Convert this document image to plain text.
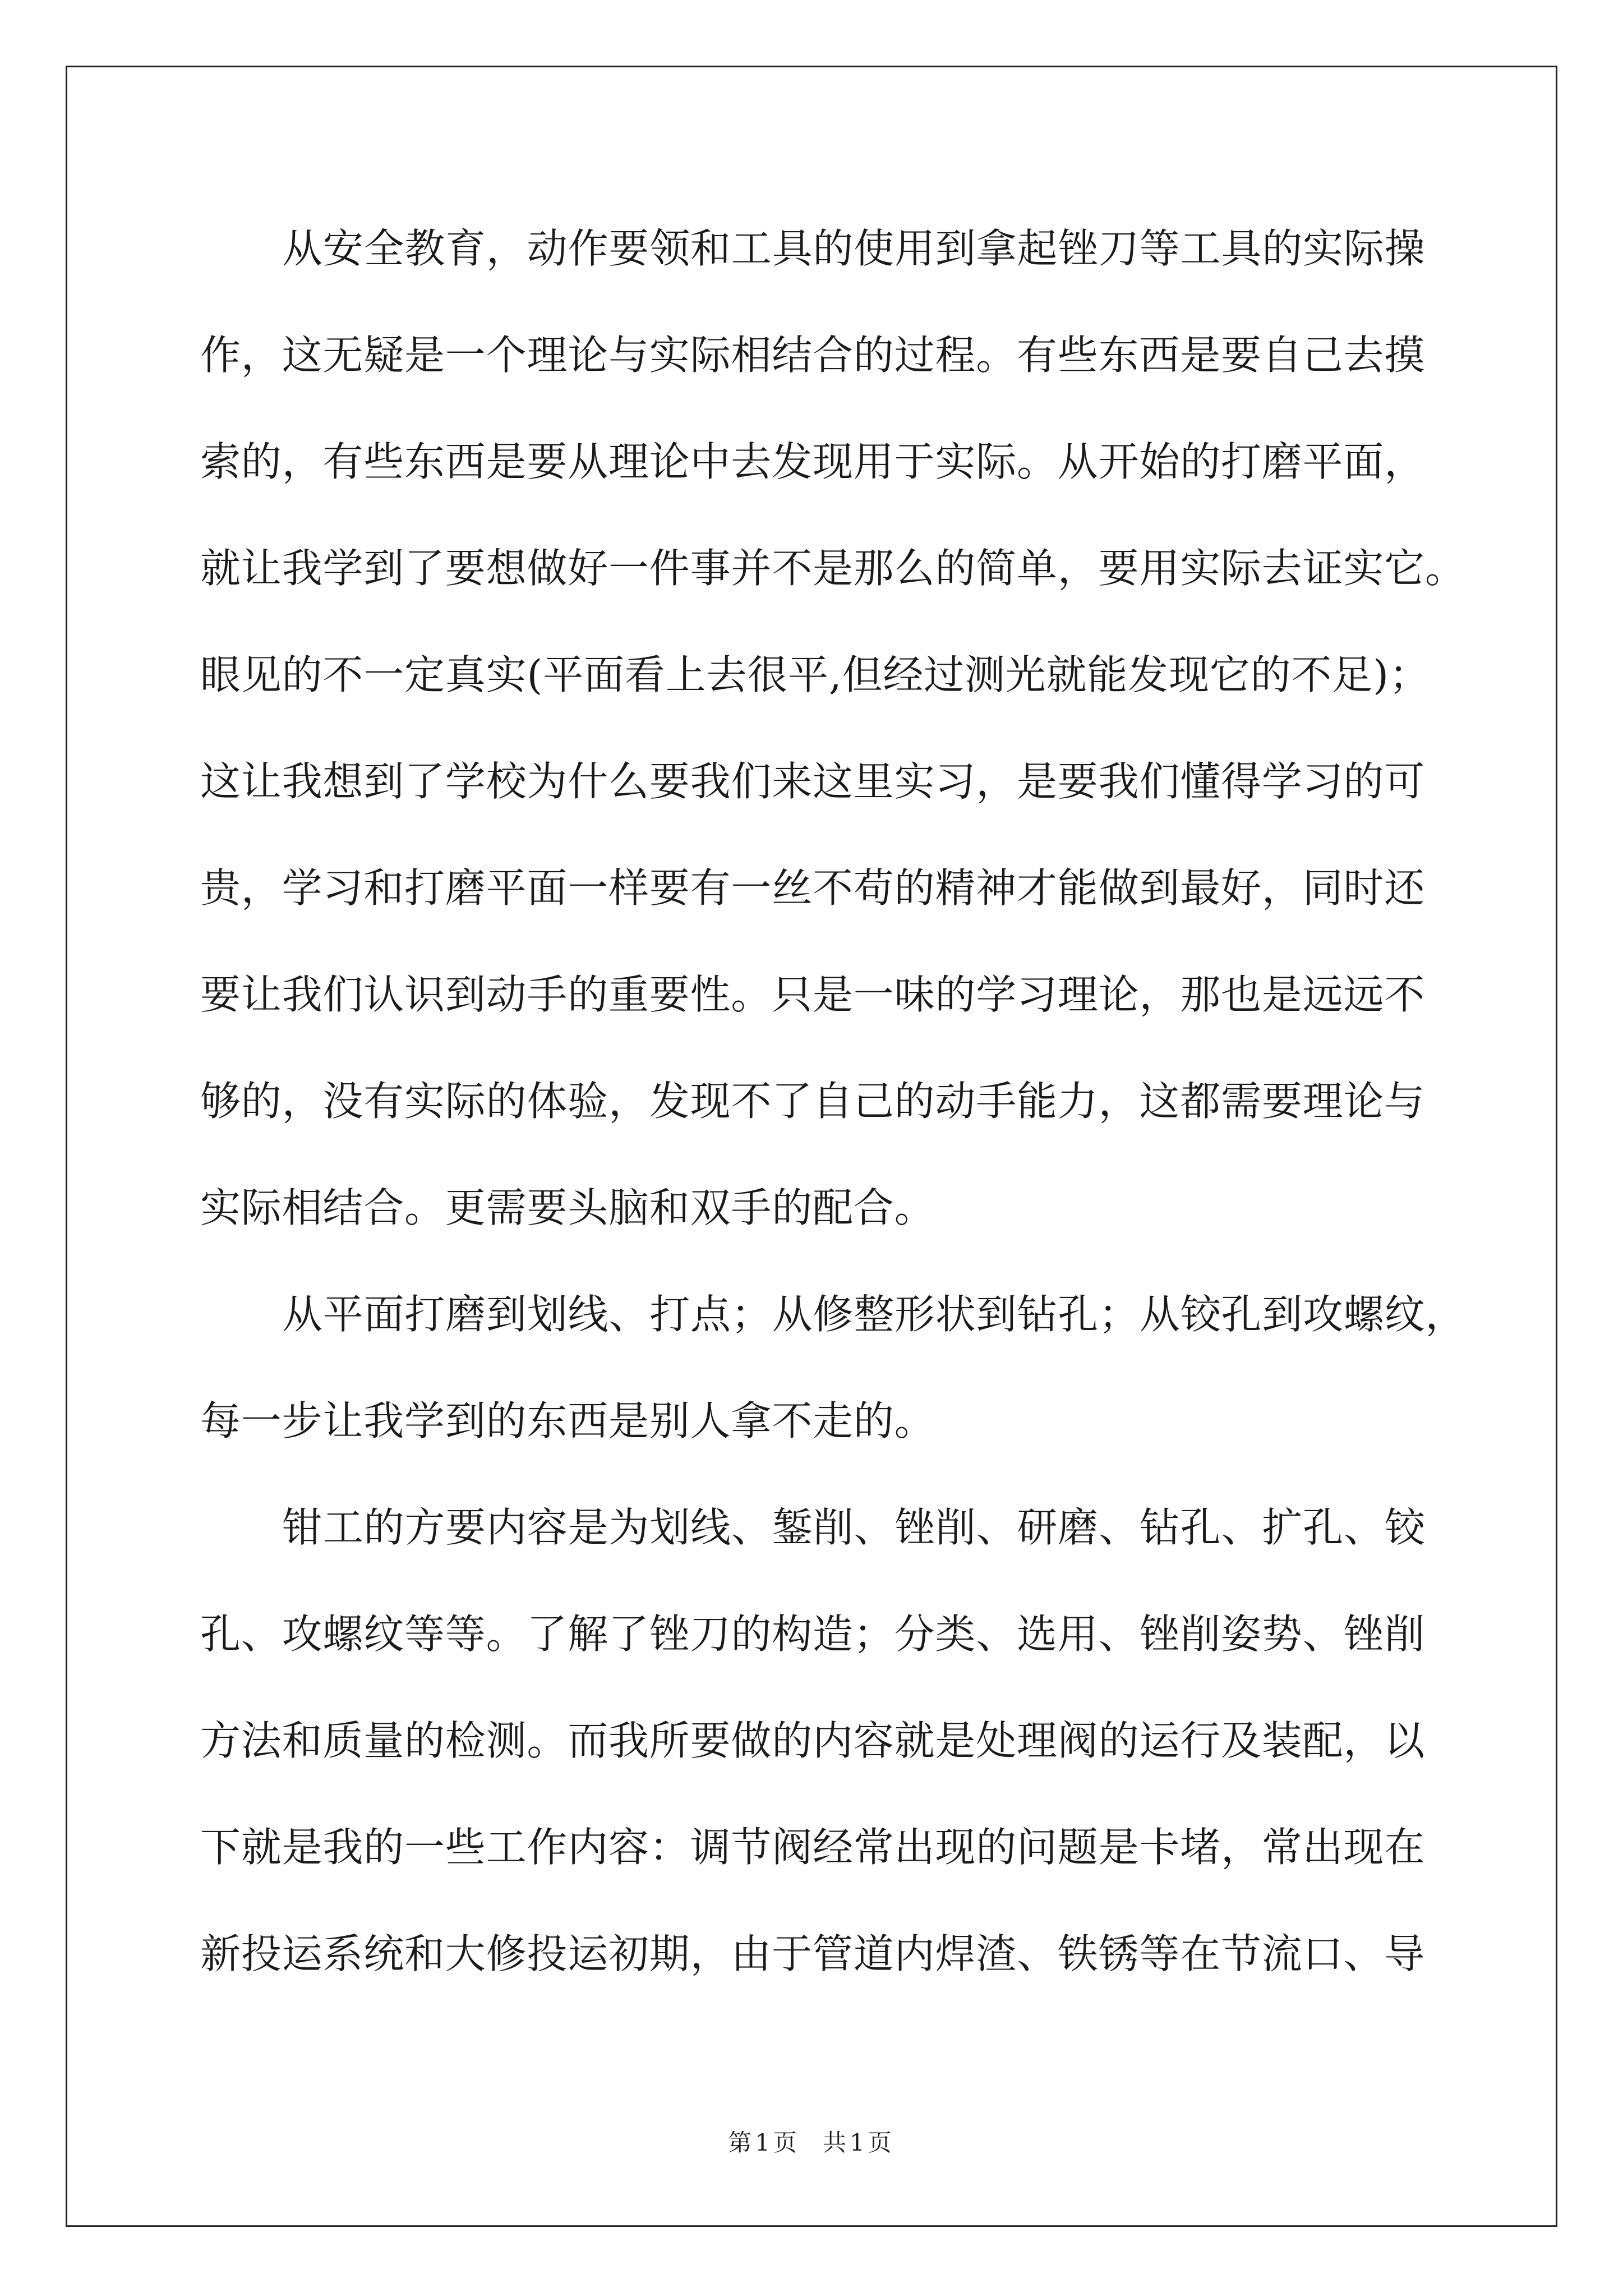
从安全教育，动作要领和工具的使用到拿起锉刀等工具的实际操
作，这无疑是一个理论与实际相结合的过程。有些东西是要自己去摸
索的，有些东西是要从理论中去发现用于实际。从开始的打磨平面，
就让我学到了要想做好一件事并不是那么的简单，要用实际去证实它。
眼见的不一定真实(平面看上去很平,但经过测光就能发现它的不足)；
这让我想到了学校为什么要我们来这里实习，是要我们懂得学习的可
贵，学习和打磨平面一样要有一丝不苟的精神才能做到最好，同时还
要让我们认识到动手的重要性。只是一味的学习理论，那也是远远不
够的，没有实际的体验，发现不了自己的动手能力，这都需要理论与
实际相结合。更需要头脑和双手的配合。
从平面打磨到划线、打点；从修整形状到钻孔；从铰孔到攻螺纹，
每一步让我学到的东西是别人拿不走的。
钳工的方要内容是为划线、錾削、锉削、研磨、钻孔、扩孔、铰
孔、攻螺纹等等。了解了锉刀的构造；分类、选用、锉削姿势、锉削
方法和质量的检测。而我所要做的内容就是处理阀的运行及装配，以
下就是我的一些工作内容：调节阀经常出现的问题是卡堵，常出现在
新投运系统和大修投运初期，由于管道内焊渣、铁锈等在节流口、导
第1页 共1页
